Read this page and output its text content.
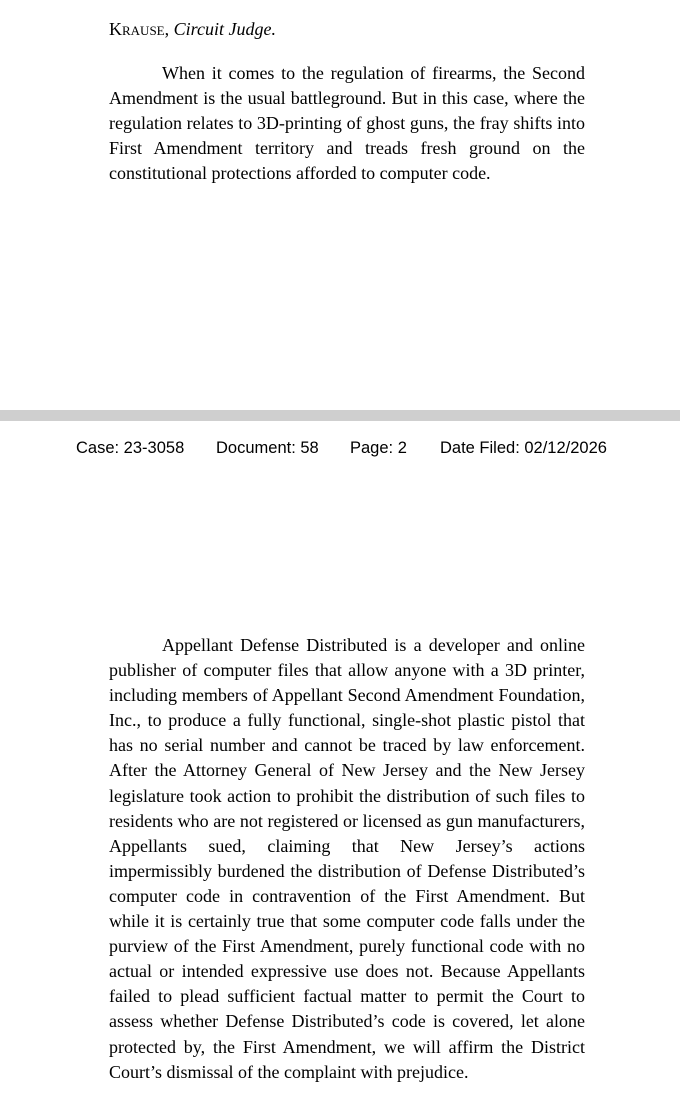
Krause, Circuit Judge.

When it comes to the regulation of firearms, the Second Amendment is the usual battleground. But in this case, where the regulation relates to 3D-printing of ghost guns, the fray shifts into First Amendment territory and treads fresh ground on the constitutional protections afforded to computer code.

Case: 23-3058 Document: 58 Page: 2 Date Filed: 02/12/2026

Appellant Defense Distributed is a developer and online publisher of computer files that allow anyone with a 3D printer, including members of Appellant Second Amendment Foundation, Inc., to produce a fully functional, single-shot plastic pistol that has no serial number and cannot be traced by law enforcement. After the Attorney General of New Jersey and the New Jersey legislature took action to prohibit the distribution of such files to residents who are not registered or licensed as gun manufacturers, Appellants sued, claiming that New Jersey’s actions impermissibly burdened the distribution of Defense Distributed’s computer code in contravention of the First Amendment. But while it is certainly true that some computer code falls under the purview of the First Amendment, purely functional code with no actual or intended expressive use does not. Because Appellants failed to plead sufficient factual matter to permit the Court to assess whether Defense Distributed’s code is covered, let alone protected by, the First Amendment, we will affirm the District Court’s dismissal of the complaint with prejudice.
